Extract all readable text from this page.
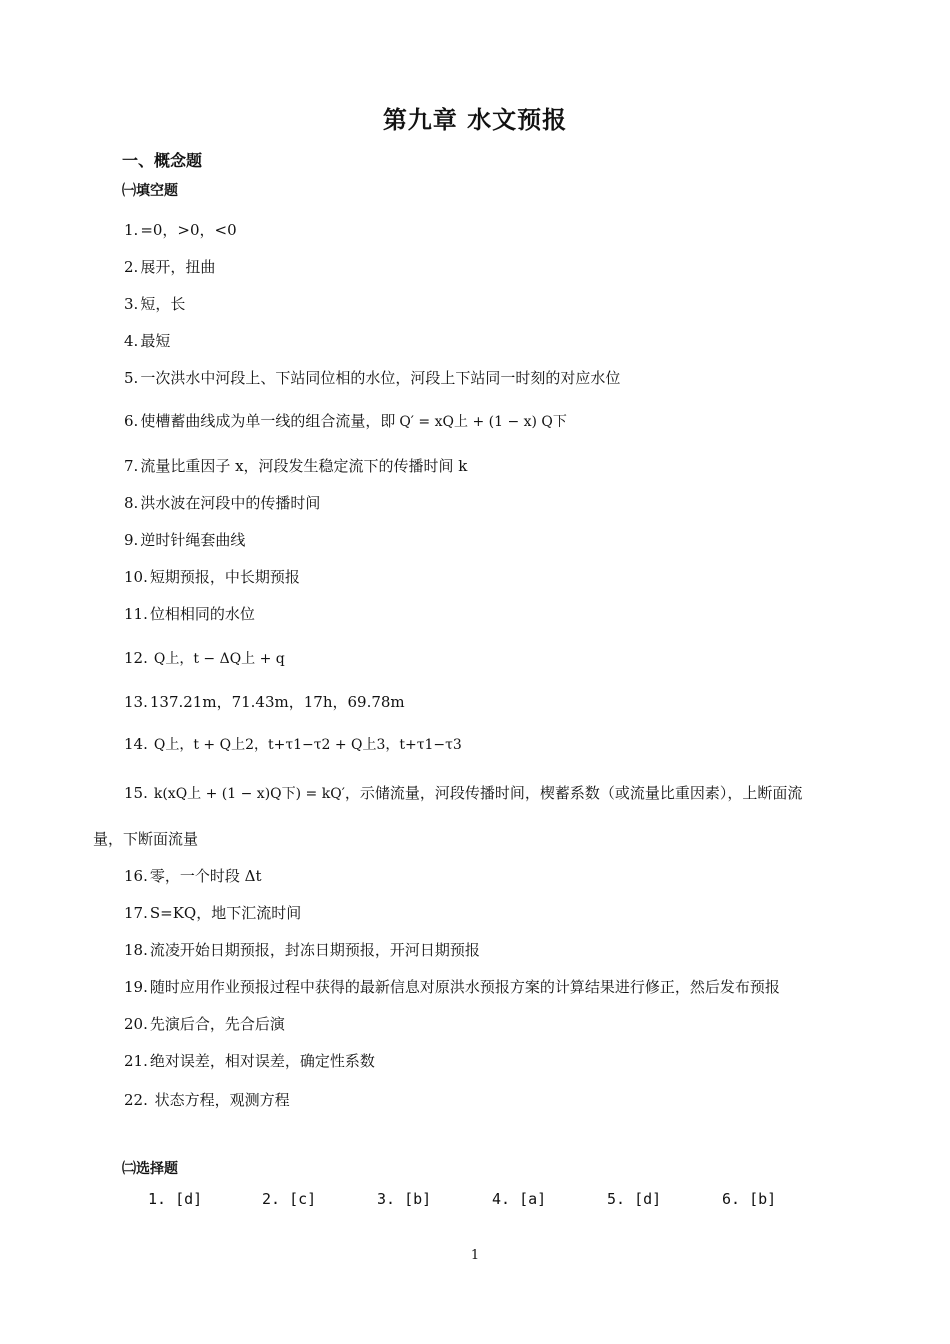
第九章 水文预报
一、概念题
㈠填空题
1. =0，>0，<0
2. 展开，扭曲
3. 短，长
4. 最短
5. 一次洪水中河段上、下站同位相的水位，河段上下站同一时刻的对应水位
6. 使槽蓄曲线成为单一线的组合流量，即 Q′ = xQ上 + (1 − x) Q下
7. 流量比重因子 x，河段发生稳定流下的传播时间 k
8. 洪水波在河段中的传播时间
9. 逆时针绳套曲线
10. 短期预报，中长期预报
11. 位相相同的水位
12. Q上，t − ΔQ上 + q
13. 137.21m，71.43m，17h，69.78m
14. Q上，t + Q上2，t+τ1−τ2 + Q上3，t+τ1−τ3
15. k(xQ上 + (1 − x)Q下) = kQ′，示储流量，河段传播时间，楔蓄系数（或流量比重因素），上断面流
16. 零，一个时段 Δt
17. S=KQ，地下汇流时间
18. 流凌开始日期预报，封冻日期预报，开河日期预报
19. 随时应用作业预报过程中获得的最新信息对原洪水预报方案的计算结果进行修正，然后发布预报
20. 先演后合，先合后演
21. 绝对误差，相对误差，确定性系数
22. 状态方程，观测方程
量，下断面流量
㈡选择题
1. [d]	2. [c]	3. [b]	4. [a]	5. [d]	6. [b]
1
